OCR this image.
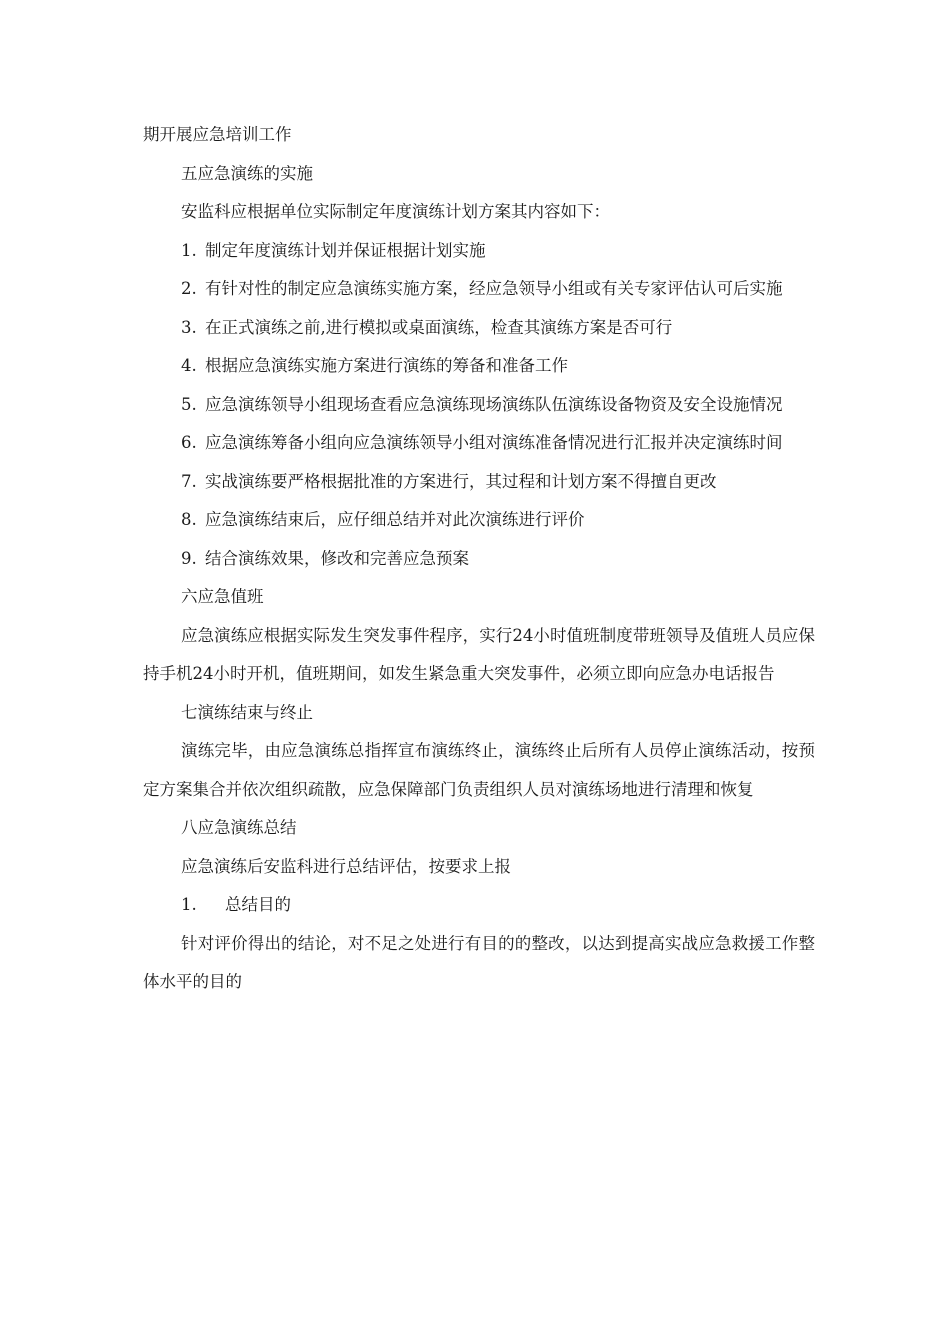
期开展应急培训工作

五应急演练的实施

安监科应根据单位实际制定年度演练计划方案其内容如下：

1. 制定年度演练计划并保证根据计划实施

2. 有针对性的制定应急演练实施方案，经应急领导小组或有关专家评估认可后实施

3. 在正式演练之前,进行模拟或桌面演练，检查其演练方案是否可行

4. 根据应急演练实施方案进行演练的筹备和准备工作

5. 应急演练领导小组现场查看应急演练现场演练队伍演练设备物资及安全设施情况

6. 应急演练筹备小组向应急演练领导小组对演练准备情况进行汇报并决定演练时间

7. 实战演练要严格根据批准的方案进行，其过程和计划方案不得擅自更改

8. 应急演练结束后，应仔细总结并对此次演练进行评价

9. 结合演练效果，修改和完善应急预案

六应急值班

应急演练应根据实际发生突发事件程序，实行24小时值班制度带班领导及值班人员应保持手机24小时开机，值班期间，如发生紧急重大突发事件，必须立即向应急办电话报告

七演练结束与终止

演练完毕，由应急演练总指挥宣布演练终止，演练终止后所有人员停止演练活动，按预定方案集合并依次组织疏散，应急保障部门负责组织人员对演练场地进行清理和恢复

八应急演练总结

应急演练后安监科进行总结评估，按要求上报

1. 总结目的

针对评价得出的结论，对不足之处进行有目的的整改，以达到提高实战应急救援工作整体水平的目的
